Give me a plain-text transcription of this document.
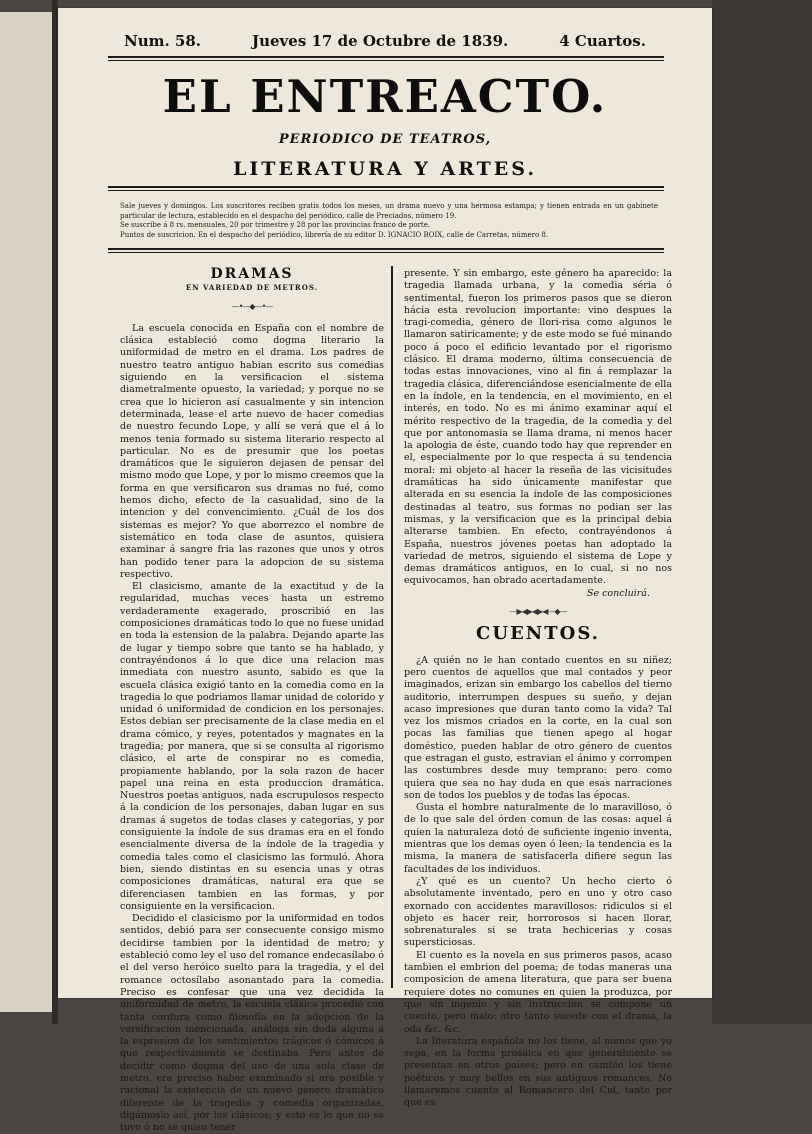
Num. 58.	Jueves 17 de Octubre de 1839.	4 Cuartos.
EL ENTREACTO.
PERIODICO DE TEATROS,
LITERATURA Y ARTES.

Sale jueves y domingos. Los suscritores reciben gratis todos los meses, un drama nuevo y una hermosa estampa; y tienen entrada en un gabinete particular de lectura, establecido en el despacho del periódico, calle de Preciados, número 19.

Se suscribe á 8 rs. mensuales, 20 por trimestre y 28 por las provincias franco de porte.

Puntos de suscricion. En el despacho del periódico, librería de su editor D. IGNACIO BOIX, calle de Carretas, número 8.

DRAMAS
EN VARIEDAD DE METROS.
—•—◆—•—

La escuela conocida en España con el nombre de clásica estableció como dogma literario la uniformidad de metro en el drama. Los padres de nuestro teatro antiguo habian escrito sus comedias siguiendo en la versificacion el sistema diametralmente opuesto, la variedad; y porque no se crea que lo hicieron así casualmente y sin intencion determinada, lease el arte nuevo de hacer comedias de nuestro fecundo Lope, y allí se verá que el á lo menos tenia formado su sistema literario respecto al particular. No es de presumir que los poetas dramáticos que le siguieron dejasen de pensar del mismo modo que Lope, y por lo mismo creemos que la forma en que versificaron sus dramas no fué, como hemos dicho, efecto de la casualidad, sino de la intencion y del convencimiento. ¿Cuál de los dos sistemas es mejor? Yo que aborrezco el nombre de sistemático en toda clase de asuntos, quisiera examinar á sangre fria las razones que unos y otros han podido tener para la adopcion de su sistema respectivo.

El clasicismo, amante de la exactitud y de la regularidad, muchas veces hasta un estremo verdaderamente exagerado, proscribió en las composiciones dramáticas todo lo que no fuese unidad en toda la estension de la palabra. Dejando aparte las de lugar y tiempo sobre que tanto se ha hablado, y contrayéndonos á lo que dice una relacion mas inmediata con nuestro asunto, sabido es que la escuela clásica exigió tanto en la comedia como en la tragedia lo que podriamos llamar unidad de colorido y unidad ó uniformidad de condicion en los personajes. Estos debian ser precisamente de la clase media en el drama cómico, y reyes, potentados y magnates en la tragedia; por manera, que si se consulta al rigorismo clásico, el arte de conspirar no es comedia, propiamente hablando, por la sola razon de hacer papel una reina en esta produccion dramática. Nuestros poetas antiguos, nada escrupulosos respecto á la condicion de los personajes, daban lugar en sus dramas á sugetos de todas clases y categorias, y por consiguiente la índole de sus dramas era en el fondo esencialmente diversa de la índole de la tragedia y comedia tales como el clasicismo las formuló. Ahora bien, siendo distintas en su esencia unas y otras composiciones dramáticas, natural era que se diferenciasen tambien en las formas, y por consiguiente en la versificacion.

Decidido el clasicismo por la uniformidad en todos sentidos, debió para ser consecuente consigo mismo decidirse tambien por la identidad de metro; y estableció como ley el uso del romance endecasílabo ó el del verso heróico suelto para la tragedia, y el del romance octosílabo asonantado para la comedia. Preciso es confesar que una vez decidida la uniformidad de metro, la escuela clásica procedió con tanta cordura como filosofía en la adopcion de la versificacion mencionada, análoga sin duda alguna á la espresion de los sentimientos trágicos ó cómicos á que respectivamente se destinaba. Pero antes de decidir como dogma del uso de una sola clase de metro, era preciso haber examinado si era posible y racional la existencia de un nuevo género dramático diferente de la tragedia y comedia organizadas, digámoslo así, por los clásicos; y esto es lo que no se tuvo ó no se quiso tener

presente. Y sin embargo, este género ha aparecido: la tragedia llamada urbana, y la comedia séria ó sentimental, fueron los primeros pasos que se dieron hácia esta revolucion importante: vino despues la tragi-comedia, género de llori-risa como algunos le llamaron satiricamente; y de este modo se fué minando poco á poco el edificio levantado por el rigorismo clásico. El drama moderno, última consecuencia de todas estas innovaciones, vino al fin á remplazar la tragedia clásica, diferenciándose esencialmente de ella en la índole, en la tendencia, en el movimiento, en el interés, en todo. No es mi ánimo examinar aquí el mérito respectivo de la tragedia, de la comedia y del que por antonomasia se llama drama, ni menos hacer la apologia de éste, cuando todo hay que reprender en el, especialmente por lo que respecta á su tendencia moral: mi objeto al hacer la reseña de las vicisitudes dramáticas ha sido únicamente manifestar que alterada en su esencia la índole de las composiciones destinadas al teatro, sus formas no podian ser las mismas, y la versificacion que es la principal debia alterarse tambien. En efecto, contrayéndonos á España, nuestros jóvenes poetas han adoptado la variedad de metros, siguiendo el sistema de Lope y demas dramáticos antiguos, en lo cual, si no nos equivocamos, han obrado acertadamente.

Se concluirá.
—▶◀▶◀▶◀—◆—
CUENTOS.

¿A quién no le han contado cuentos en su niñez; pero cuentos de aquellos que mal contados y peor imaginados, erizan sin embargo los cabellos del tierno auditorio, interrumpen despues su sueño, y dejan acaso impresiones que duran tanto como la vida? Tal vez los mismos criados en la corte, en la cual son pocas las familias que tienen apego al hogar doméstico, pueden hablar de otro género de cuentos que estragan el gusto, estravian el ánimo y corrompen las costumbres desde muy temprano: pero como quiera que sea no hay duda en que esas narraciones son de todos los pueblos y de todas las épocas.

Gusta el hombre naturalmente de lo maravilloso, ó de lo que sale del órden comun de las cosas: aquel á quien la naturaleza dotó de suficiente ingenio inventa, mientras que los demas oyen ó leen; la tendencia es la misma, la manera de satisfacerla difiere segun las facultades de los individuos.

¿Y qué es un cuento? Un hecho cierto ó absolutamente inventado, pero en uno y otro caso exornado con accidentes maravillosos: ridiculos si el objeto es hacer reir, horrorosos si hacen llorar, sobrenaturales si se trata hechicerias y cosas supersticiosas.

El cuento es la novela en sus primeros pasos, acaso tambien el embrion del poema; de todas maneras una composicion de amena literatura, que para ser buena requiere dotes no comunes en quien la produzca, por que sin ingenio y sin instruccion se compone un cuento, pero malo: otro tanto sucede con el drama, la oda &c. &c.

La literatura española no los tiene, al menos que yo sepa, en la forma prosaica en que generalmente se presentan en otros paises; pero en cambio los tiene poéticos y muy bellos en sus antiguos romances. No llamaremos cuento al Romancero del Cid, tanto por que es
